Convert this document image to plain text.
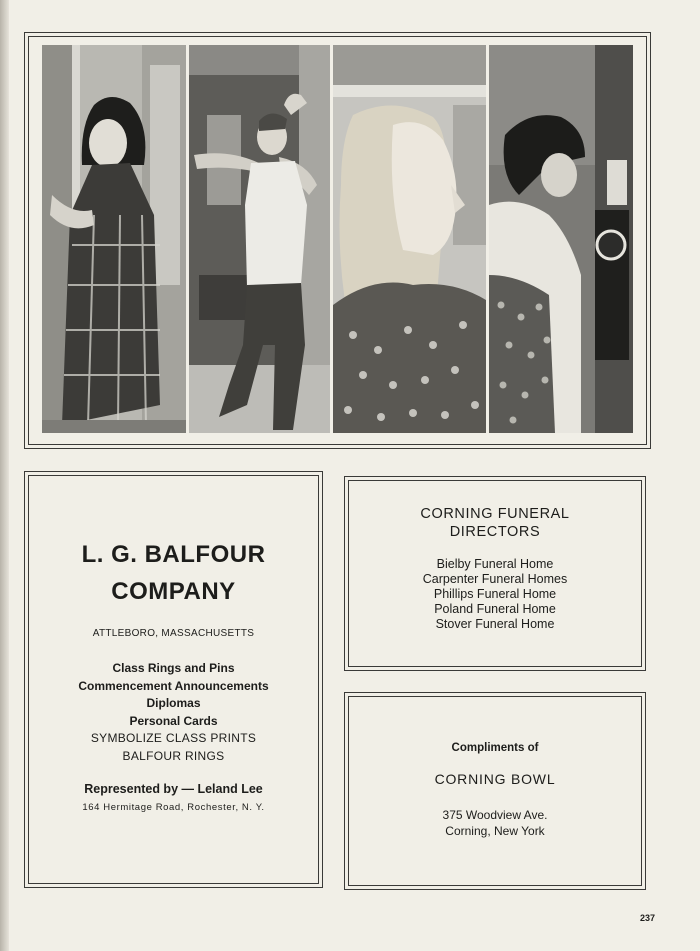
L. G. BALFOUR
COMPANY
ATTLEBORO, MASSACHUSETTS
Class Rings and Pins
Commencement Announcements
Diplomas
Personal Cards
SYMBOLIZE CLASS PRINTS
BALFOUR RINGS
Represented by — Leland Lee
164 Hermitage Road, Rochester, N. Y.
CORNING FUNERAL
DIRECTORS
Bielby Funeral Home
Carpenter Funeral Homes
Phillips Funeral Home
Poland Funeral Home
Stover Funeral Home
Compliments of
CORNING BOWL
375 Woodview Ave.
Corning, New York
237
